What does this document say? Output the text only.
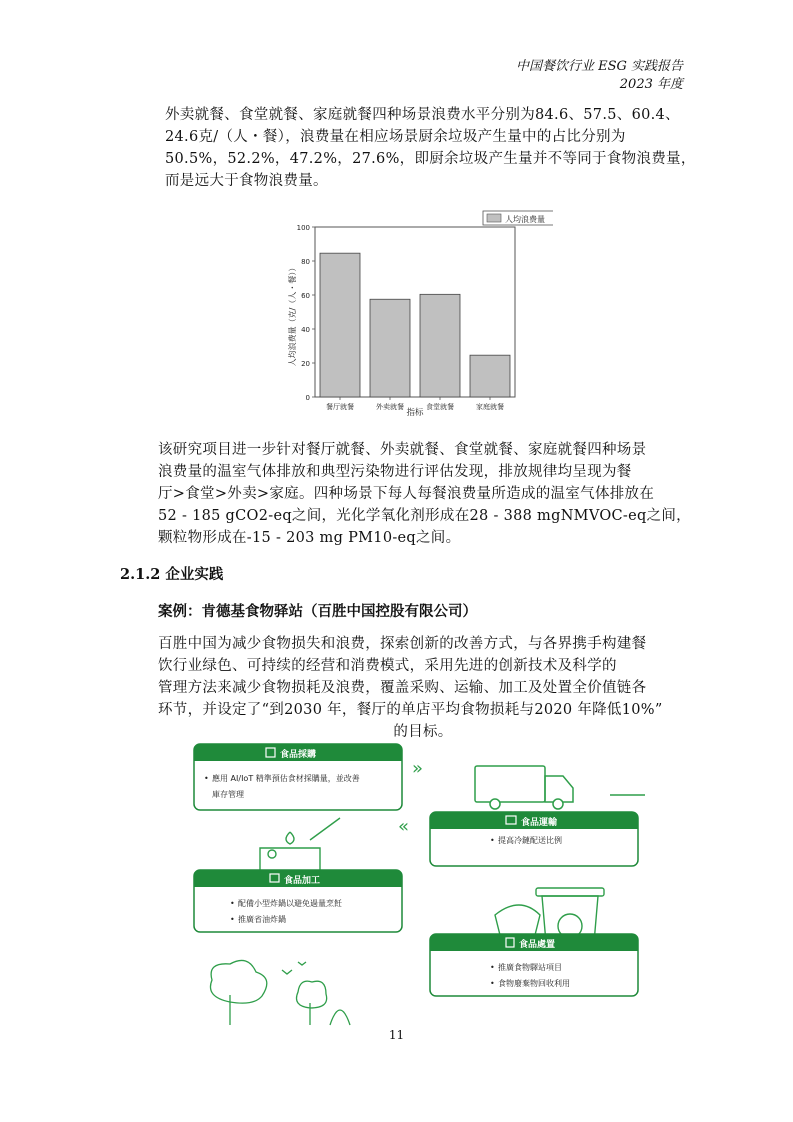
中国餐饮行业 ESG 实践报告
2023 年度
外卖就餐、食堂就餐、家庭就餐四种场景浪费水平分别为84.6、57.5、60.4、
24.6克/（人・餐），浪费量在相应场景厨余垃圾产生量中的占比分别为
50.5%，52.2%，47.2%，27.6%，即厨余垃圾产生量并不等同于食物浪费量，
而是远大于食物浪费量。
0
20
40
60
80
100
餐厅就餐	外卖就餐	食堂就餐	家庭就餐
人均浪费量
人均浪费量（克/（人・餐））
指标
该研究项目进一步针对餐厅就餐、外卖就餐、食堂就餐、家庭就餐四种场景
浪费量的温室气体排放和典型污染物进行评估发现，排放规律均呈现为餐
厅>食堂>外卖>家庭。四种场景下每人每餐浪费量所造成的温室气体排放在
52 - 185 gCO2-eq之间，光化学氧化剂形成在28 - 388 mgNMVOC-eq之间，
颗粒物形成在-15 - 203 mg PM10-eq之间。
2.1.2 企业实践
案例：肯德基食物驿站（百胜中国控股有限公司）
百胜中国为减少食物损失和浪费，探索创新的改善方式，与各界携手构建餐
饮行业绿色、可持续的经营和消费模式，采用先进的创新技术及科学的
管理方法来减少食物损耗及浪费，覆盖采购、运输、加工及处置全价值链各
环节，并设定了“到2030 年，餐厅的单店平均食物损耗与2020 年降低10%”
的目标。
食品採購
• 應用 AI/IoT 精準預估食材採購量，並改善
庫存管理
»
食品運輸
• 提高冷鏈配送比例
«
食品加工
• 配備小型炸鍋以避免過量烹飪
• 推廣省油炸鍋
食品處置
• 推廣食物驛站項目
• 食物廢棄物回收利用
11
